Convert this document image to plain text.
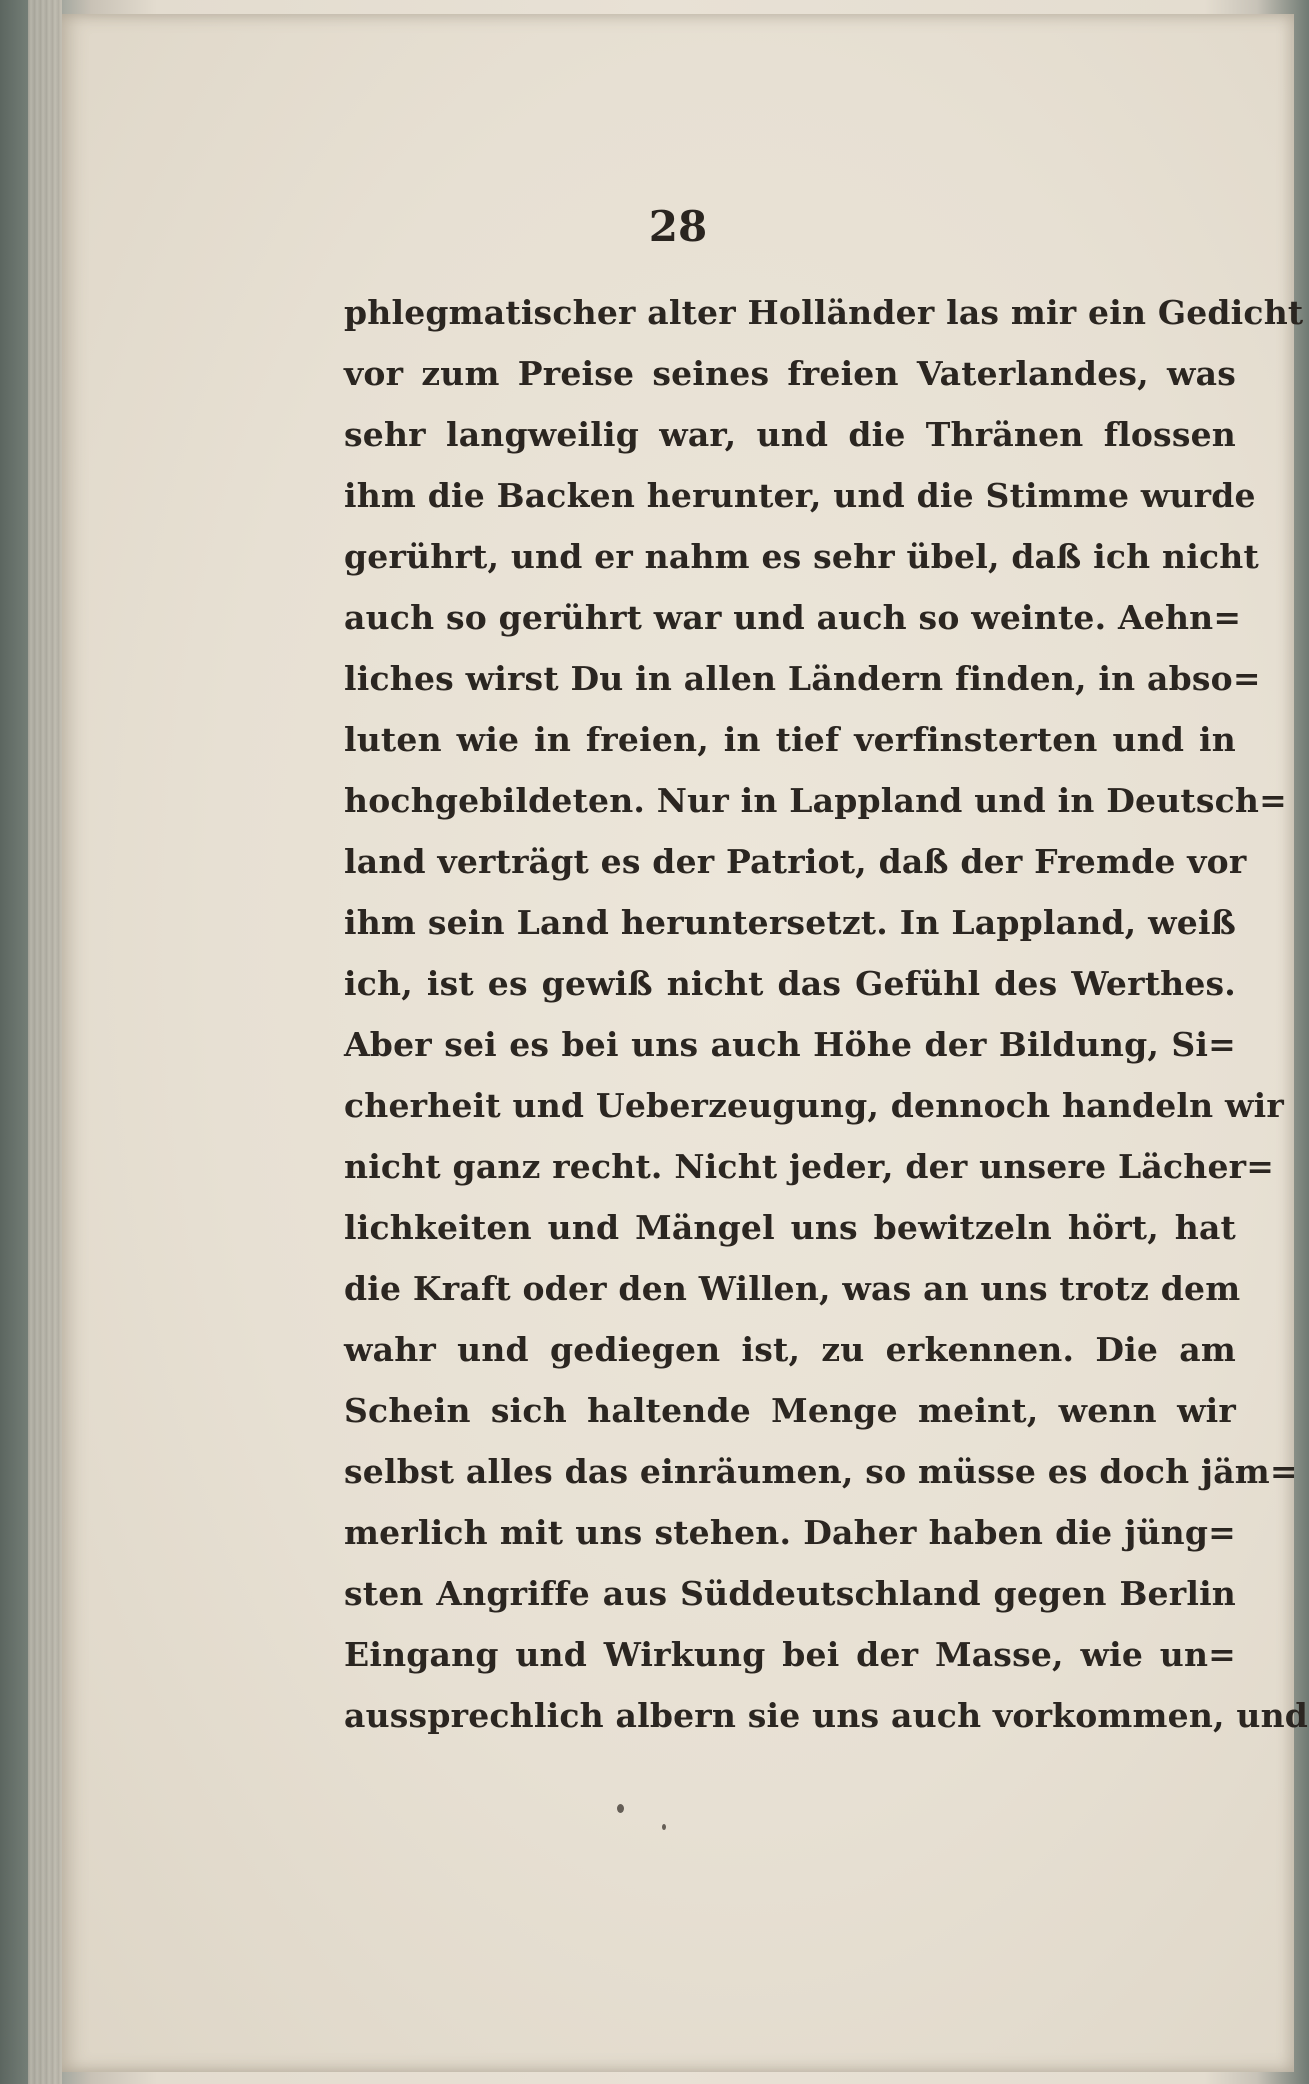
28
phlegmatischer alter Holländer las mir ein Gedicht
vor zum Preise seines freien Vaterlandes, was
sehr langweilig war, und die Thränen flossen
ihm die Backen herunter, und die Stimme wurde
gerührt, und er nahm es sehr übel, daß ich nicht
auch so gerührt war und auch so weinte. Aehn=
liches wirst Du in allen Ländern finden, in abso=
luten wie in freien, in tief verfinsterten und in
hochgebildeten. Nur in Lappland und in Deutsch=
land verträgt es der Patriot, daß der Fremde vor
ihm sein Land heruntersetzt. In Lappland, weiß
ich, ist es gewiß nicht das Gefühl des Werthes.
Aber sei es bei uns auch Höhe der Bildung, Si=
cherheit und Ueberzeugung, dennoch handeln wir
nicht ganz recht. Nicht jeder, der unsere Lächer=
lichkeiten und Mängel uns bewitzeln hört, hat
die Kraft oder den Willen, was an uns trotz dem
wahr und gediegen ist, zu erkennen. Die am
Schein sich haltende Menge meint, wenn wir
selbst alles das einräumen, so müsse es doch jäm=
merlich mit uns stehen. Daher haben die jüng=
sten Angriffe aus Süddeutschland gegen Berlin
Eingang und Wirkung bei der Masse, wie un=
aussprechlich albern sie uns auch vorkommen, und
